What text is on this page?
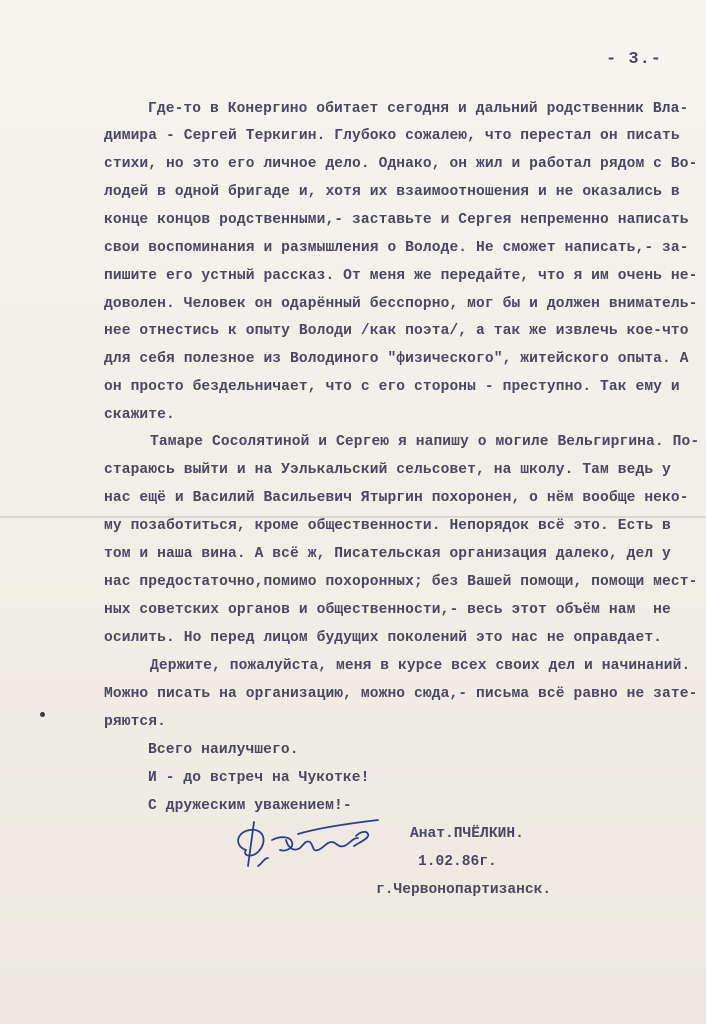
- 3.-
Где-то в Конергино обитает сегодня и дальний родственник Вла-
димира - Сергей Теркигин. Глубоко сожалею, что перестал он писать
стихи, но это его личное дело. Однако, он жил и работал рядом с Во-
лодей в одной бригаде и, хотя их взаимоотношения и не оказались в
конце концов родственными,- заставьте и Сергея непременно написать
свои воспоминания и размышления о Володе. Не сможет написать,- за-
пишите его устный рассказ. От меня же передайте, что я им очень не-
доволен. Человек он одарённый бесспорно, мог бы и должен вниматель-
нее отнестись к опыту Володи /как поэта/, а так же извлечь кое-что
для себя полезное из Володиного "физического", житейского опыта. А
он просто бездельничает, что с его стороны - преступно. Так ему и
скажите.
Тамаре Сосолятиной и Сергею я напишу о могиле Вельгиргина. По-
стараюсь выйти и на Уэлькальский сельсовет, на школу. Там ведь у
нас ещё и Василий Васильевич Ятыргин похоронен, о нём вообще неко-
му позаботиться, кроме общественности. Непорядок всё это. Есть в
том и наша вина. А всё ж, Писательская организация далеко, дел у
нас предостаточно,помимо похоронных; без Вашей помощи, помощи мест-
ных советских органов и общественности,- весь этот объём нам  не
осилить. Но перед лицом будущих поколений это нас не оправдает.
Держите, пожалуйста, меня в курсе всех своих дел и начинаний.
Можно писать на организацию, можно сюда,- письма всё равно не зате-
ряются.
Всего наилучшего.
И - до встреч на Чукотке!
С дружеским уважением!-
Анат.ПЧЁЛКИН.
1.02.86г.
г.Червонопартизанск.
